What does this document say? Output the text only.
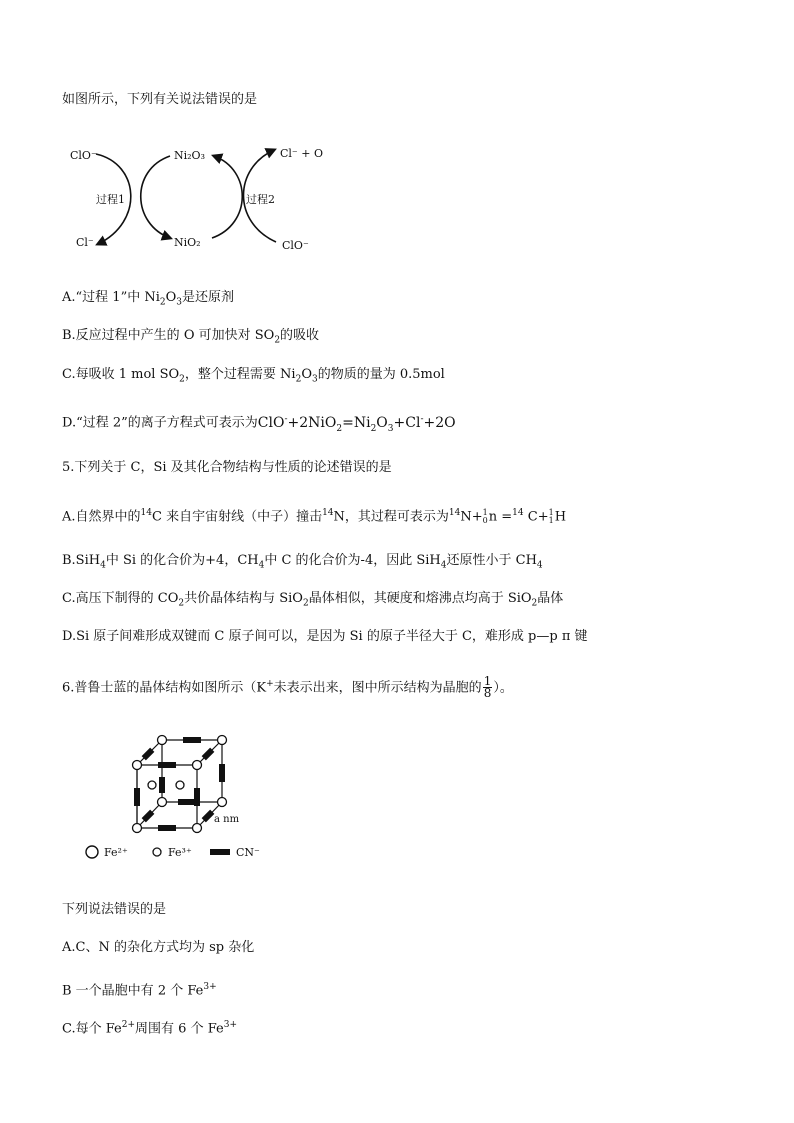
如图所示，下列有关说法错误的是
ClO⁻
Cl⁻
Ni₂O₃
NiO₂
Cl⁻ + O
ClO⁻
过程1	过程2
A.“过程 1”中 $Ni_2O_3$是还原剂
B.反应过程中产生的 O 可加快对 $SO_2$的吸收
C.每吸收 1 mol $SO_2$，整个过程需要 $Ni_2O_3$的物质的量为 0.5mol
D.“过程 2”的离子方程式可表示为$ClO^-+2NiO_2=Ni_2O_3+Cl^-+2O$
5.下列关于 C，Si 及其化合物结构与性质的论述错误的是
A.自然界中的$^{14}$C 来自宇宙射线（中子）撞击$^{14}$N，其过程可表示为$^{14}$N+ 1
0 n =$^{14}$ C+ 1
1 H
B.SiH$_4$中 Si 的化合价为+4，$CH_4$中 C 的化合价为-4，因此 SiH$_4$还原性小于 $CH_4$
C.高压下制得的 $CO_2$共价晶体结构与 SiO$_2$晶体相似，其硬度和熔沸点均高于 SiO$_2$晶体
D.Si 原子间难形成双键而 C 原子间可以，是因为 Si 的原子半径大于 C，难形成 p—p π 键
6.普鲁士蓝的晶体结构如图所示（K+未表示出来，图中所示结构为晶胞的 $\frac{1}{8}$ ）。
a nm
Fe²⁺	Fe³⁺	CN⁻
下列说法错误的是
A.C、N 的杂化方式均为 sp 杂化
B 一个晶胞中有 2 个 $Fe^{3+}$
C.每个 $Fe^{2+}$周围有 6 个 $Fe^{3+}$
